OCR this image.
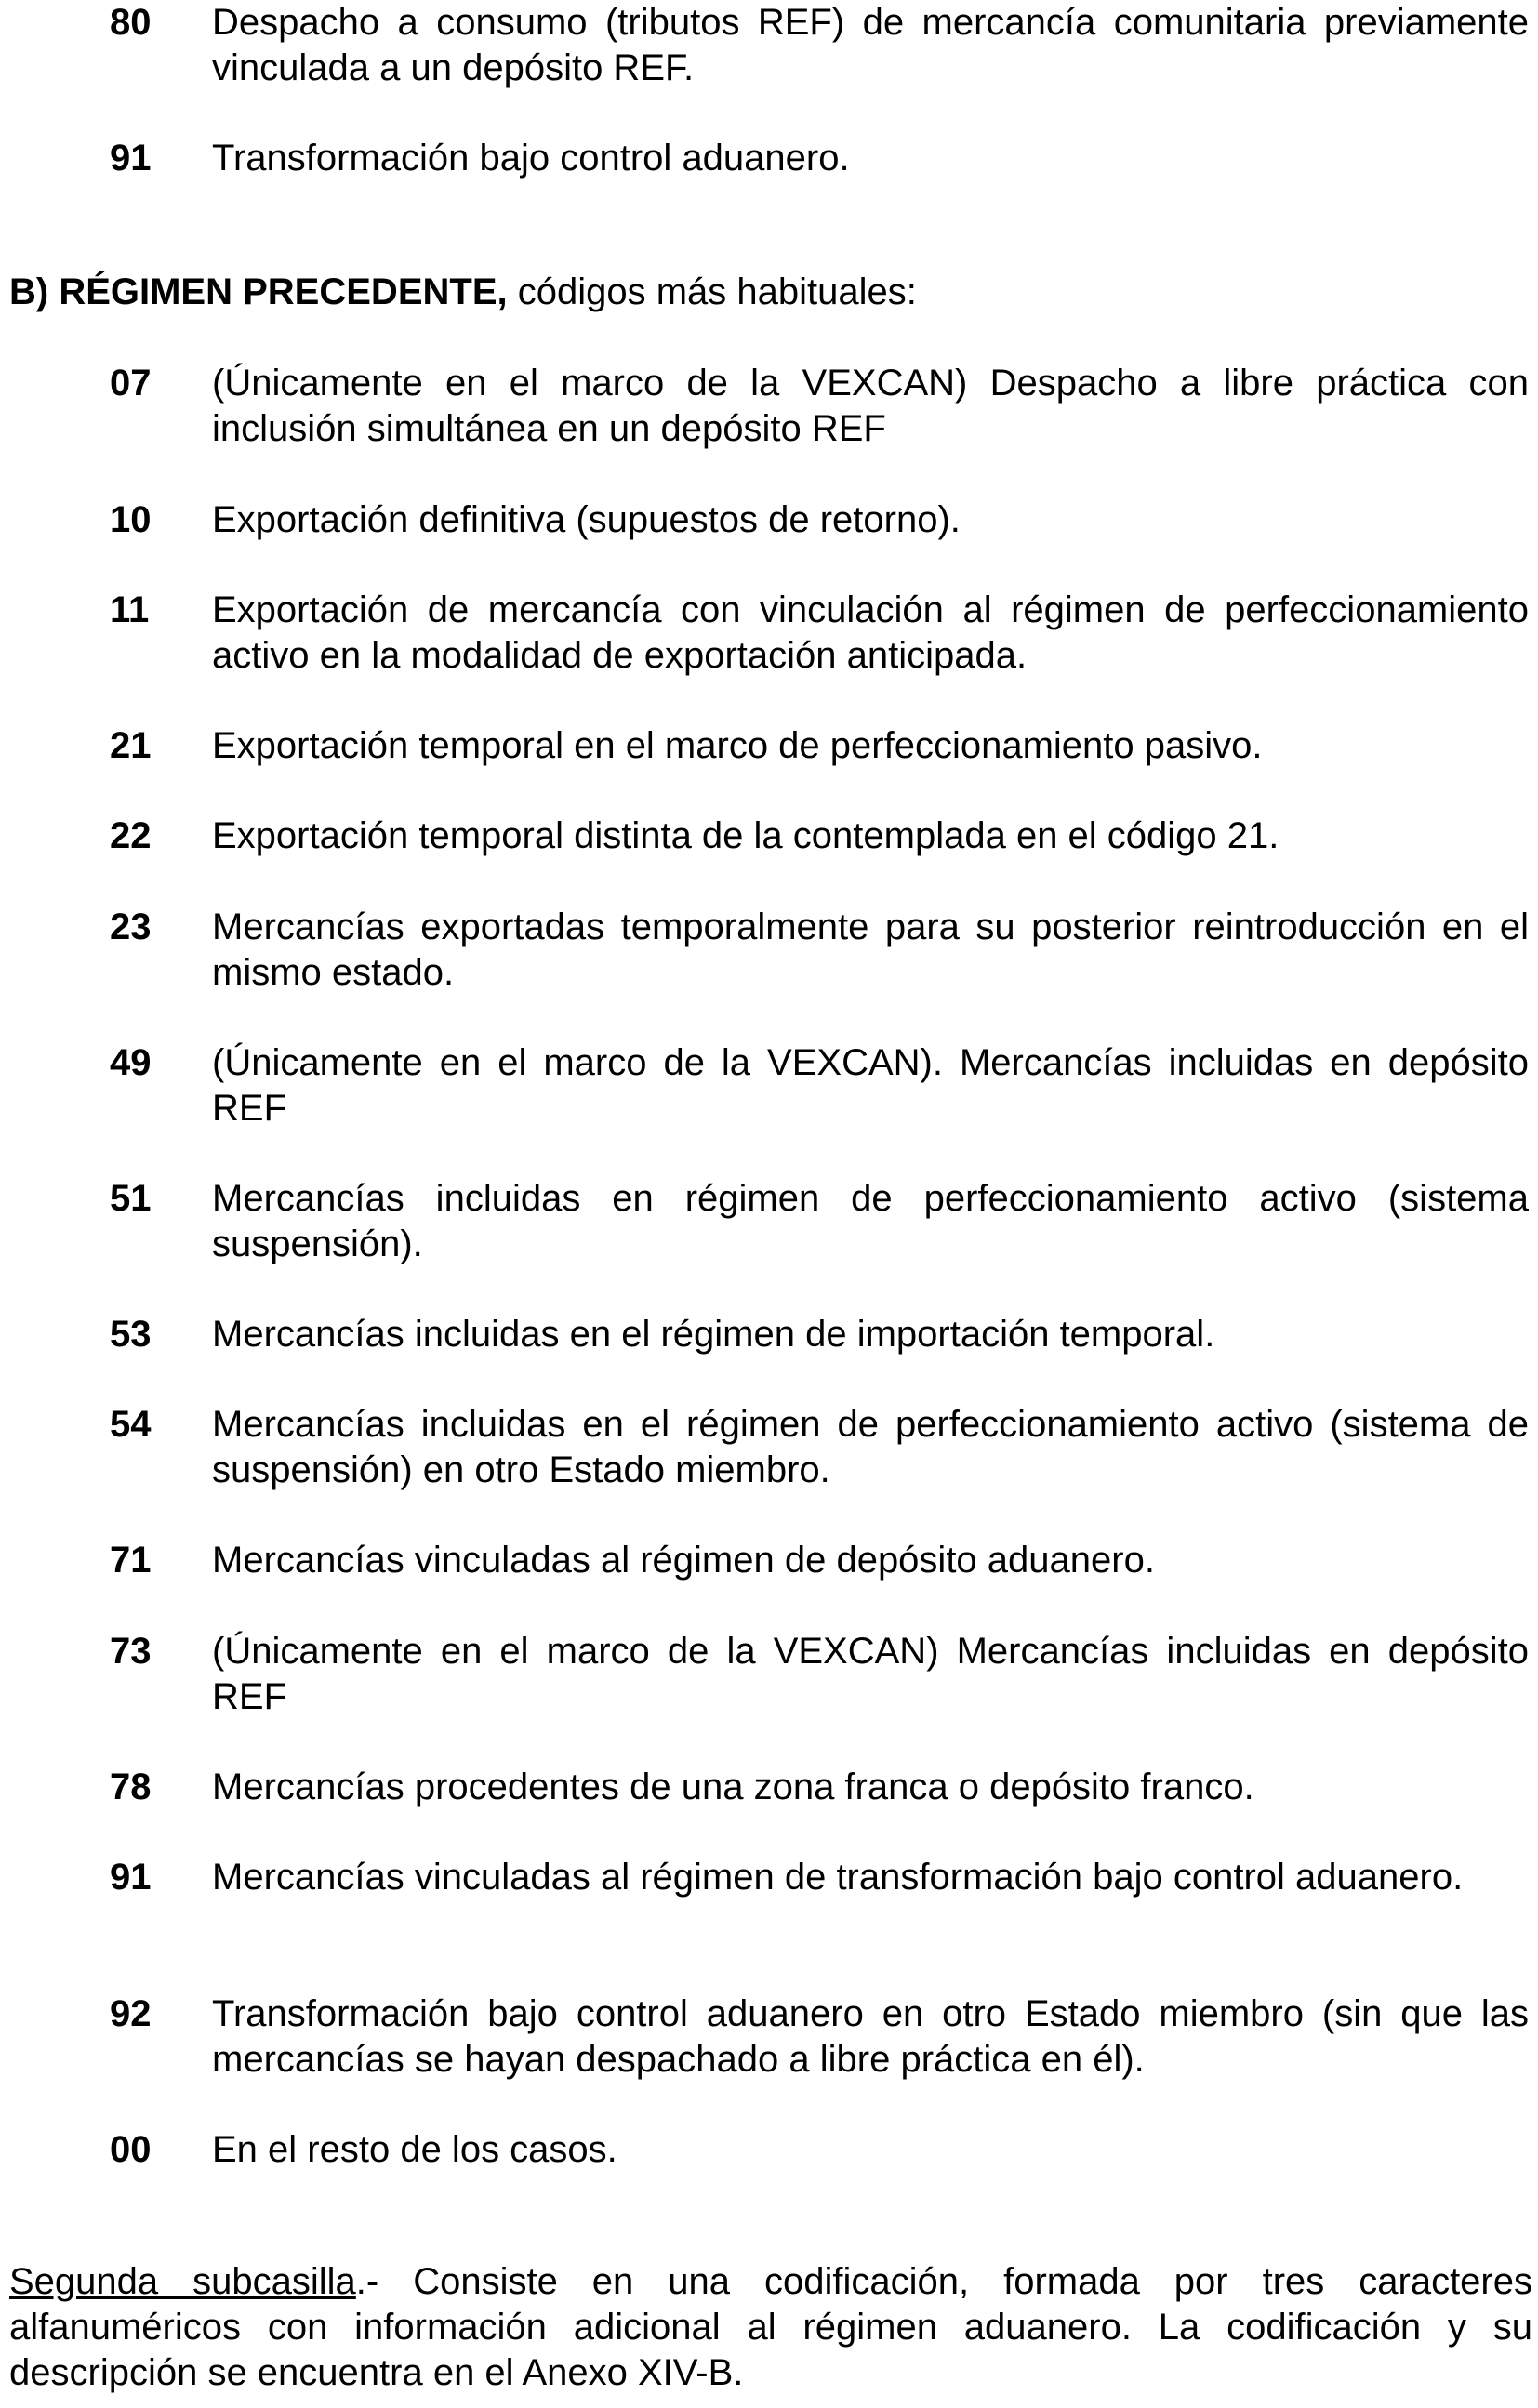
80	Despacho a consumo (tributos REF) de mercancía comunitaria previamente vinculada a un depósito REF.
91	Transformación bajo control aduanero.
B) RÉGIMEN PRECEDENTE, códigos más habituales:
07	(Únicamente en el marco de la VEXCAN) Despacho a libre práctica con inclusión simultánea en un depósito REF
10	Exportación definitiva (supuestos de retorno).
11	Exportación de mercancía con vinculación al régimen de perfeccionamiento activo en la modalidad de exportación anticipada.
21	Exportación temporal en el marco de perfeccionamiento pasivo.
22	Exportación temporal distinta de la contemplada en el código 21.
23	Mercancías exportadas temporalmente para su posterior reintroducción en el mismo estado.
49	(Únicamente en el marco de la VEXCAN). Mercancías incluidas en depósito REF
51	Mercancías incluidas en régimen de perfeccionamiento activo (sistema suspensión).
53	Mercancías incluidas en el régimen de importación temporal.
54	Mercancías incluidas en el régimen de perfeccionamiento activo (sistema de suspensión) en otro Estado miembro.
71	Mercancías vinculadas al régimen de depósito aduanero.
73	(Únicamente en el marco de la VEXCAN) Mercancías incluidas en depósito REF
78	Mercancías procedentes de una zona franca o depósito franco.
91	Mercancías vinculadas al régimen de transformación bajo control aduanero.
92	Transformación bajo control aduanero en otro Estado miembro (sin que las mercancías se hayan despachado a libre práctica en él).
00	En el resto de los casos.
Segunda subcasilla.- Consiste en una codificación, formada por tres caracteres alfanuméricos con información adicional al régimen aduanero. La codificación y su descripción se encuentra en el Anexo XIV-B.
